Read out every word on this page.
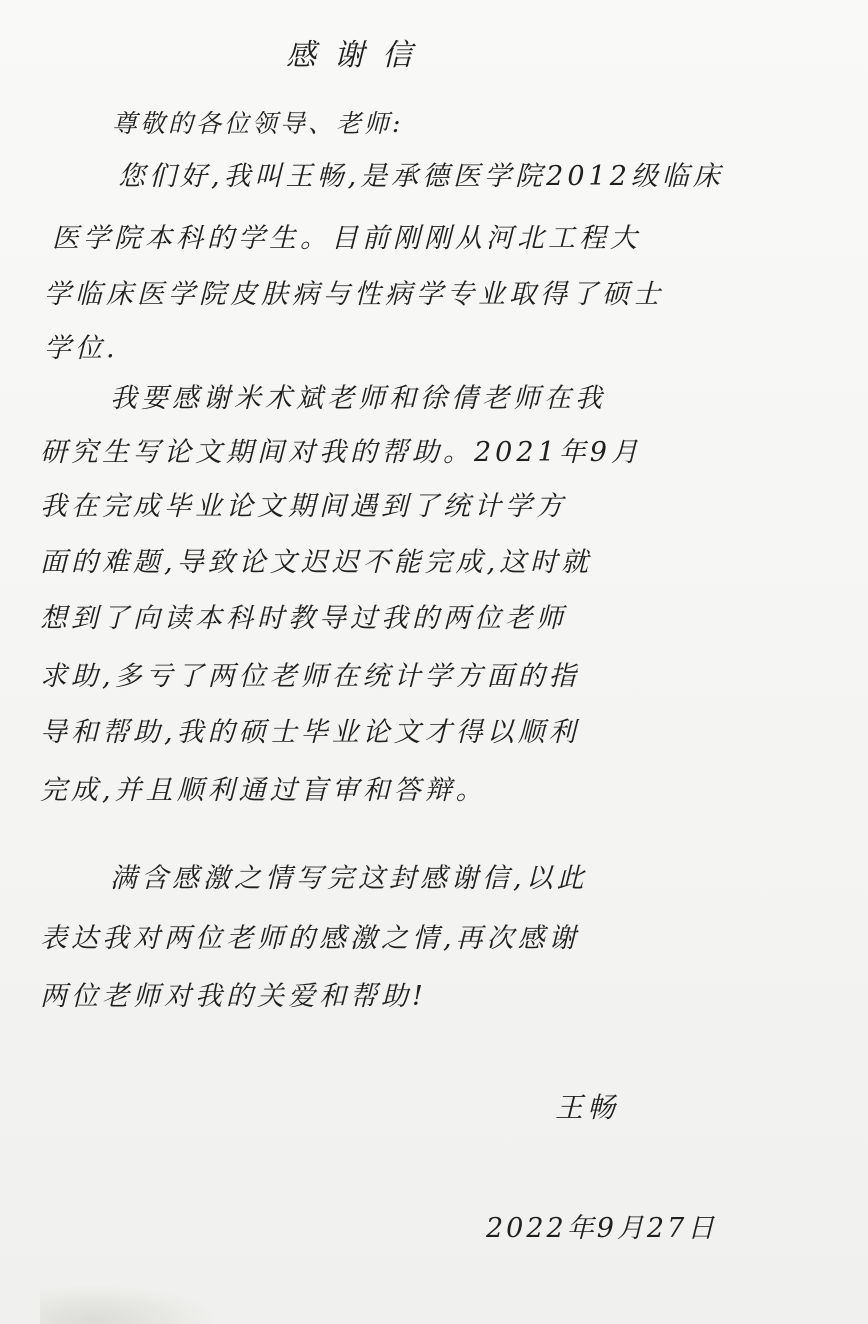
感谢信
尊敬的各位领导、老师:
您们好,我叫王畅,是承德医学院2012级临床
医学院本科的学生。目前刚刚从河北工程大
学临床医学院皮肤病与性病学专业取得了硕士
学位.
我要感谢米术斌老师和徐倩老师在我
研究生写论文期间对我的帮助。2021年9月
我在完成毕业论文期间遇到了统计学方
面的难题,导致论文迟迟不能完成,这时就
想到了向读本科时教导过我的两位老师
求助,多亏了两位老师在统计学方面的指
导和帮助,我的硕士毕业论文才得以顺利
完成,并且顺利通过盲审和答辩。
满含感激之情写完这封感谢信,以此
表达我对两位老师的感激之情,再次感谢
两位老师对我的关爱和帮助!
王畅
2022年9月27日
